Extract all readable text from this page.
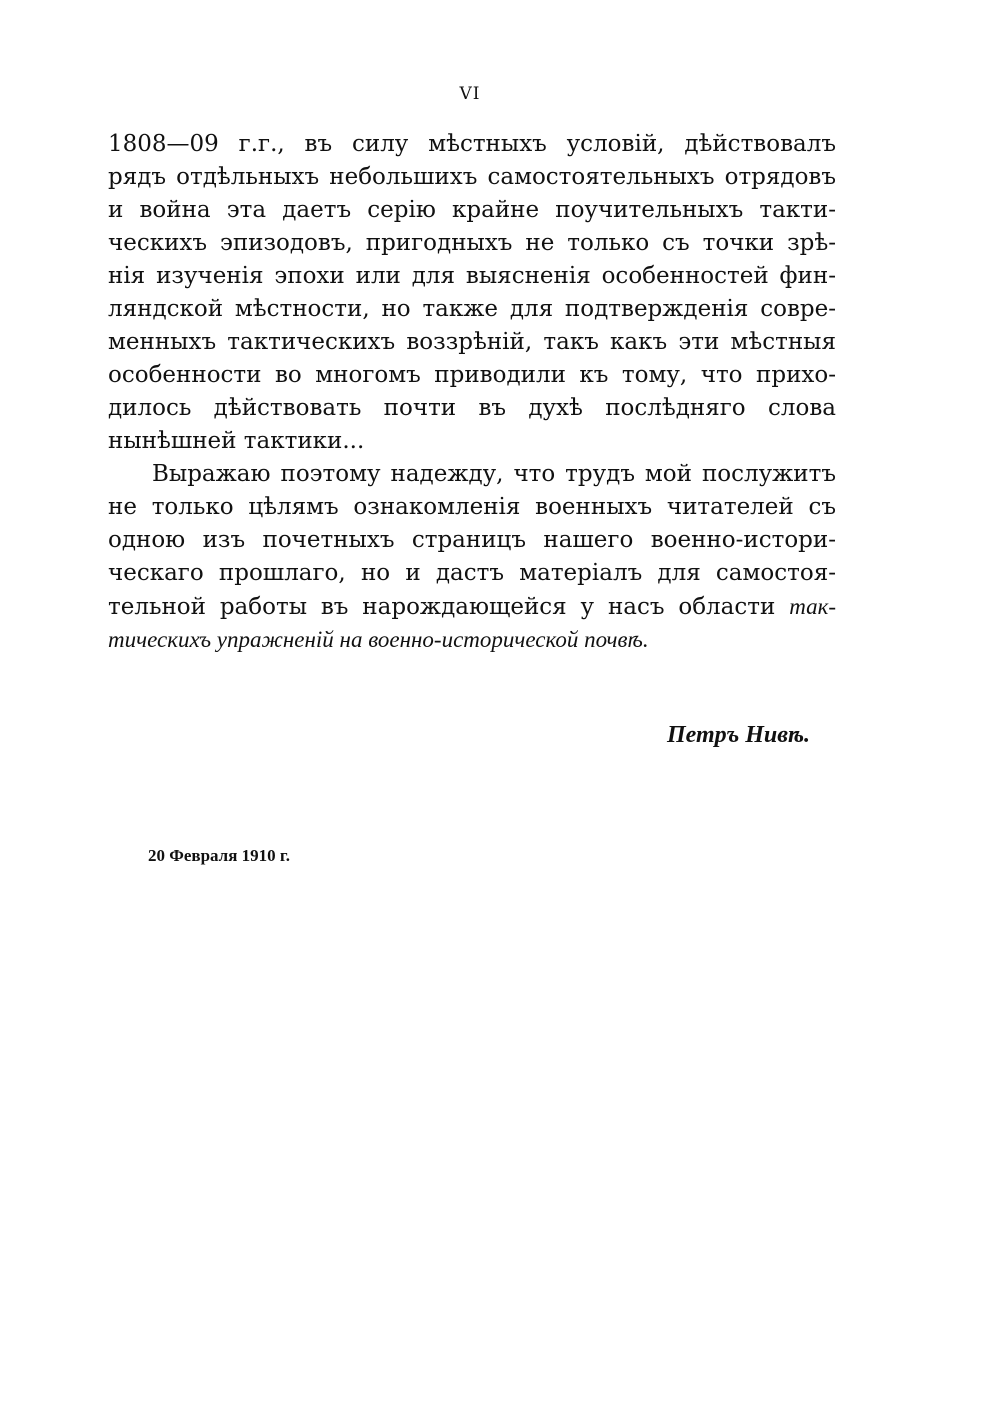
VI
1808—09 г.г., въ силу мѣстныхъ условій, дѣйствовалъ
рядъ отдѣльныхъ небольшихъ самостоятельныхъ отрядовъ
и война эта даетъ серію крайне поучительныхъ такти-
ческихъ эпизодовъ, пригодныхъ не только съ точки зрѣ-
нія изученія эпохи или для выясненія особенностей фин-
ляндской мѣстности, но также для подтвержденія совре-
менныхъ тактическихъ воззрѣній, такъ какъ эти мѣстныя
особенности во многомъ приводили къ тому, что прихо-
дилось дѣйствовать почти въ духѣ послѣдняго слова
нынѣшней тактики...
Выражаю поэтому надежду, что трудъ мой послужитъ
не только цѣлямъ ознакомленія военныхъ читателей съ
одною изъ почетныхъ страницъ нашего военно-истори-
ческаго прошлаго, но и дастъ матеріалъ для самостоя-
тельной работы въ нарождающейся у насъ области так-
тическихъ упражненій на военно-исторической почвѣ.
Петръ Нивѣ.
20 Февраля 1910 г.
